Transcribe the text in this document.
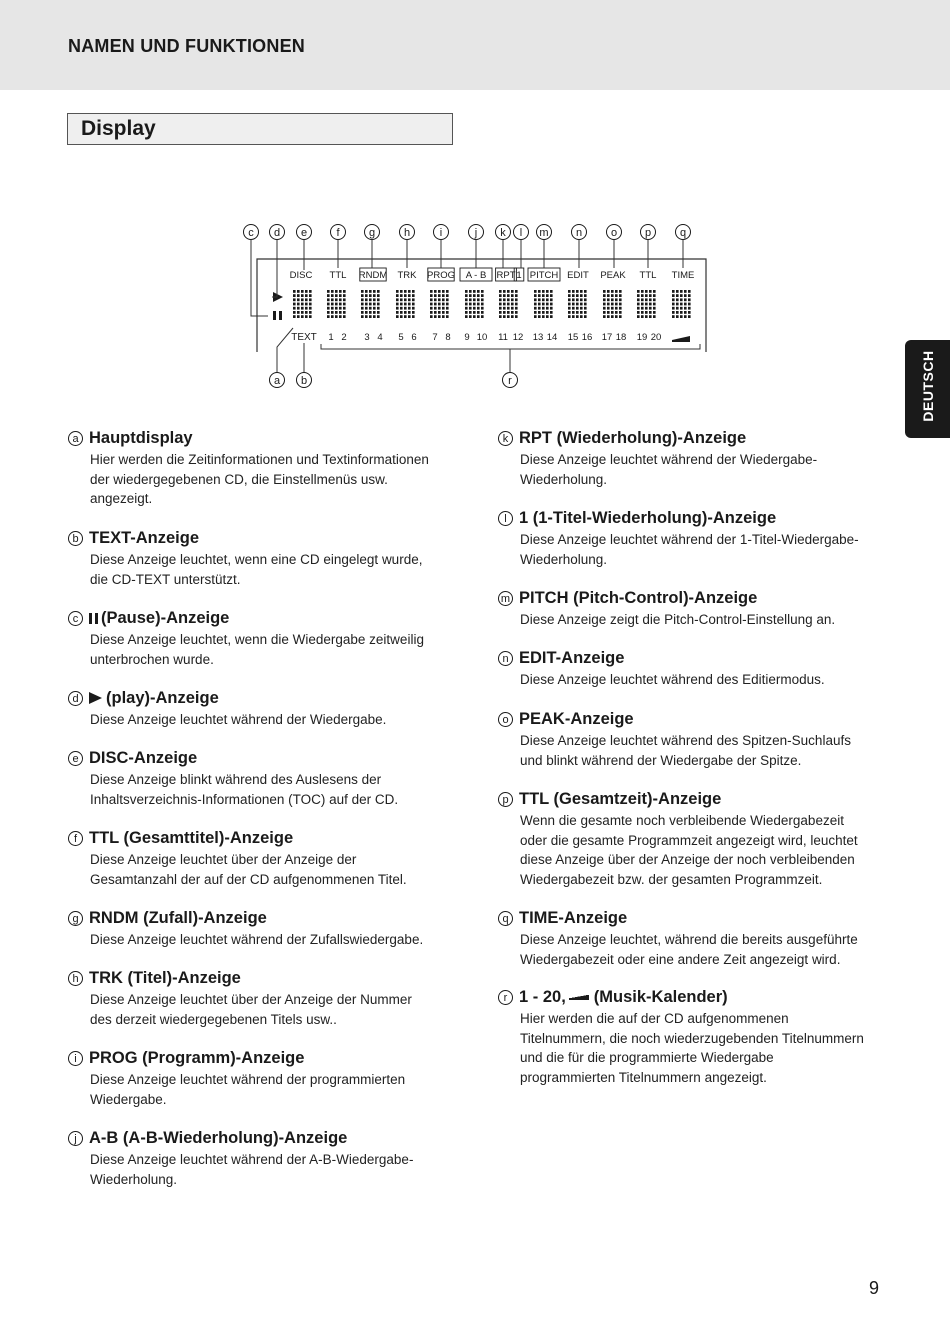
NAMEN UND FUNKTIONEN
Display
DEUTSCH
DISC TTL RNDM TRK PROG A - B RPT 1 PITCH EDIT PEAK TTL TIME
TEXT 1 2 3 4 5 6 7 8 9 10 11 12 13 14 15 16 17 18 19 20
c d e	f	g	h	i	j k l m n	o	p	q
a b	r
a Hauptdisplay
Hier werden die Zeitinformationen und Textinformationen
der wiedergegebenen CD, die Einstellmenüs usw.
angezeigt.
b TEXT-Anzeige
Diese Anzeige leuchtet, wenn eine CD eingelegt wurde,
die CD-TEXT unterstützt.
c (Pause)-Anzeige
Diese Anzeige leuchtet, wenn die Wiedergabe zeitweilig
unterbrochen wurde.
d (play)-Anzeige
Diese Anzeige leuchtet während der Wiedergabe.
e DISC-Anzeige
Diese Anzeige blinkt während des Auslesens der
Inhaltsverzeichnis-Informationen (TOC) auf der CD.
f TTL (Gesamttitel)-Anzeige
Diese Anzeige leuchtet über der Anzeige der
Gesamtanzahl der auf der CD aufgenommenen Titel.
g RNDM (Zufall)-Anzeige
Diese Anzeige leuchtet während der Zufallswiedergabe.
h TRK (Titel)-Anzeige
Diese Anzeige leuchtet über der Anzeige der Nummer
des derzeit wiedergegebenen Titels usw..
i PROG (Programm)-Anzeige
Diese Anzeige leuchtet während der programmierten
Wiedergabe.
j A-B (A-B-Wiederholung)-Anzeige
Diese Anzeige leuchtet während der A-B-Wiedergabe-
Wiederholung.
k RPT (Wiederholung)-Anzeige
Diese Anzeige leuchtet während der Wiedergabe-
Wiederholung.
l 1 (1-Titel-Wiederholung)-Anzeige
Diese Anzeige leuchtet während der 1-Titel-Wiedergabe-
Wiederholung.
m PITCH (Pitch-Control)-Anzeige
Diese Anzeige zeigt die Pitch-Control-Einstellung an.
n EDIT-Anzeige
Diese Anzeige leuchtet während des Editiermodus.
o PEAK-Anzeige
Diese Anzeige leuchtet während des Spitzen-Suchlaufs
und blinkt während der Wiedergabe der Spitze.
p TTL (Gesamtzeit)-Anzeige
Wenn die gesamte noch verbleibende Wiedergabezeit
oder die gesamte Programmzeit angezeigt wird, leuchtet
diese Anzeige über der Anzeige der noch verbleibenden
Wiedergabezeit bzw. der gesamten Programmzeit.
q TIME-Anzeige
Diese Anzeige leuchtet, während die bereits ausgeführte
Wiedergabezeit oder eine andere Zeit angezeigt wird.
r 1 - 20, (Musik-Kalender)
Hier werden die auf der CD aufgenommenen
Titelnummern, die noch wiederzugebenden Titelnummern
und die für die programmierte Wiedergabe
programmierten Titelnummern angezeigt.
9
